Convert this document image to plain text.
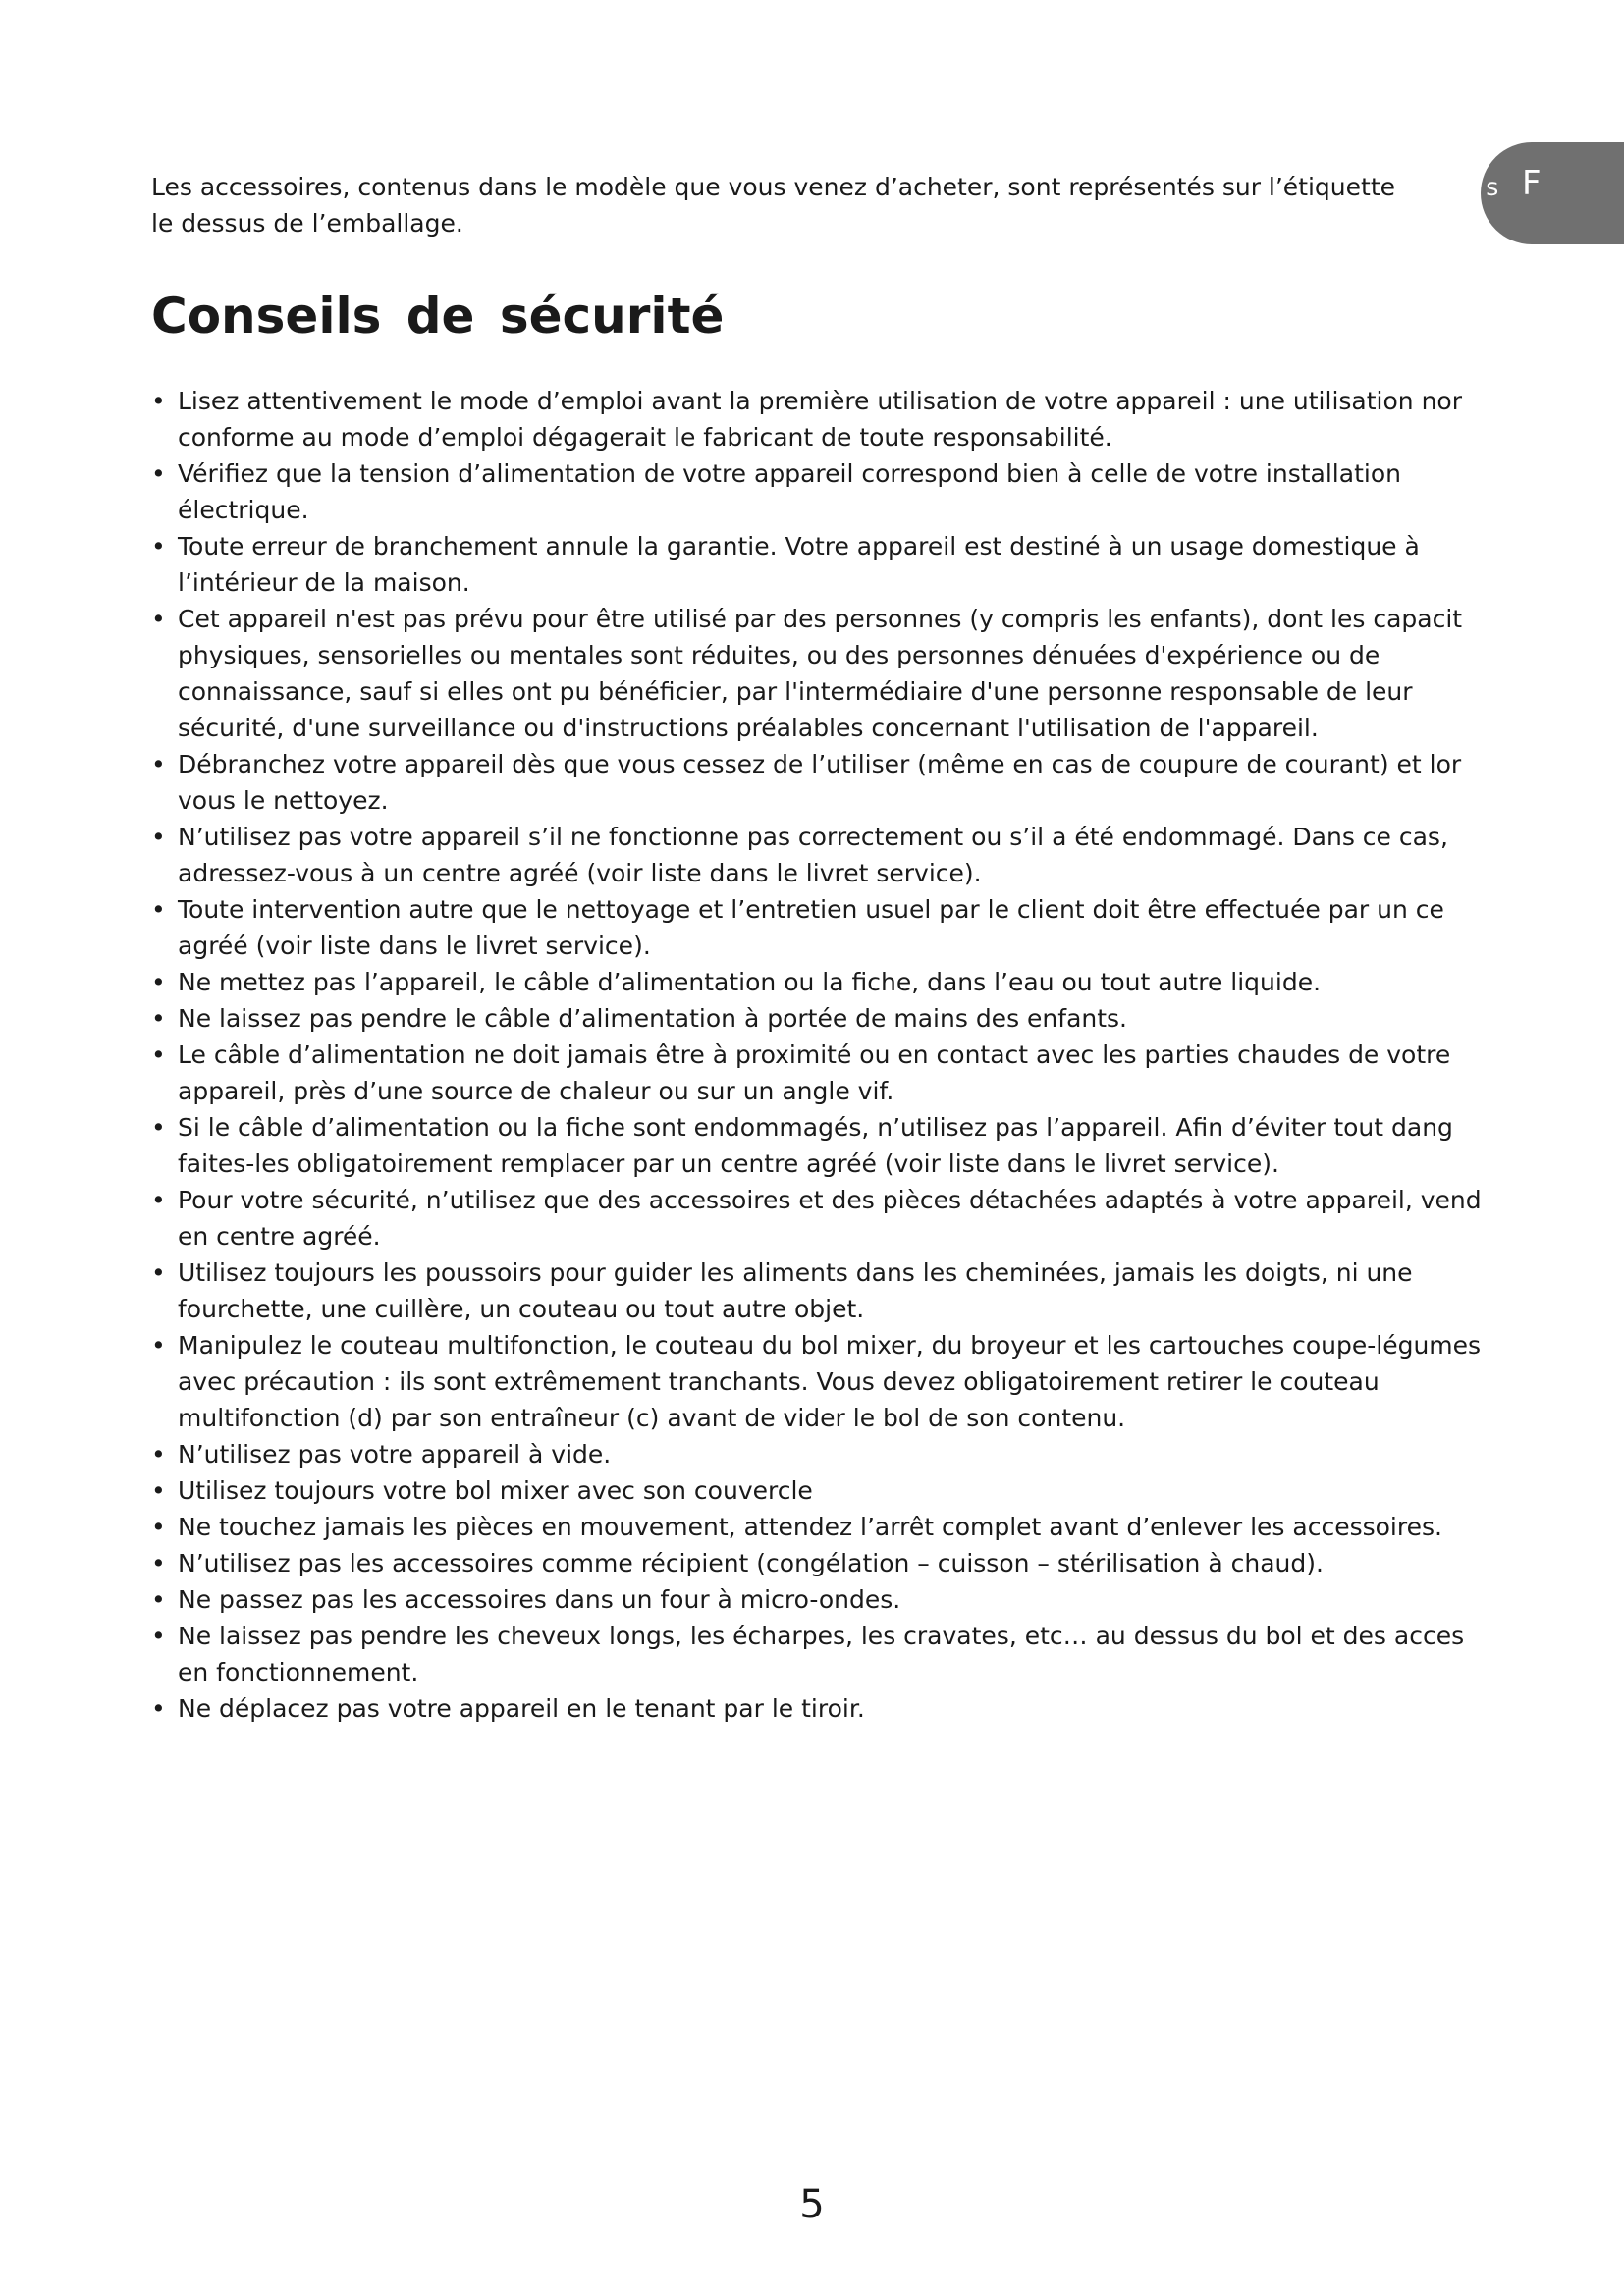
F

Les accessoires, contenus dans le modèle que vous venez d’acheter, sont représentés sur l’étiquette située s
le dessus de l’emballage.

Conseils de sécurité
• Lisez attentivement le mode d’emploi avant la première utilisation de votre appareil : une utilisation nor
conforme au mode d’emploi dégagerait le fabricant de toute responsabilité.
• Vérifiez que la tension d’alimentation de votre appareil correspond bien à celle de votre installation
électrique.
• Toute erreur de branchement annule la garantie. Votre appareil est destiné à un usage domestique à
l’intérieur de la maison.
• Cet appareil n'est pas prévu pour être utilisé par des personnes (y compris les enfants), dont les capacit
physiques, sensorielles ou mentales sont réduites, ou des personnes dénuées d'expérience ou de
connaissance, sauf si elles ont pu bénéficier, par l'intermédiaire d'une personne responsable de leur
sécurité, d'une surveillance ou d'instructions préalables concernant l'utilisation de l'appareil.
• Débranchez votre appareil dès que vous cessez de l’utiliser (même en cas de coupure de courant) et lor
vous le nettoyez.
• N’utilisez pas votre appareil s’il ne fonctionne pas correctement ou s’il a été endommagé. Dans ce cas,
adressez-vous à un centre agréé (voir liste dans le livret service).
• Toute intervention autre que le nettoyage et l’entretien usuel par le client doit être effectuée par un ce
agréé (voir liste dans le livret service).
• Ne mettez pas l’appareil, le câble d’alimentation ou la fiche, dans l’eau ou tout autre liquide.
• Ne laissez pas pendre le câble d’alimentation à portée de mains des enfants.
• Le câble d’alimentation ne doit jamais être à proximité ou en contact avec les parties chaudes de votre
appareil, près d’une source de chaleur ou sur un angle vif.
• Si le câble d’alimentation ou la fiche sont endommagés, n’utilisez pas l’appareil. Afin d’éviter tout dang
faites-les obligatoirement remplacer par un centre agréé (voir liste dans le livret service).
• Pour votre sécurité, n’utilisez que des accessoires et des pièces détachées adaptés à votre appareil, vend
en centre agréé.
• Utilisez toujours les poussoirs pour guider les aliments dans les cheminées, jamais les doigts, ni une
fourchette, une cuillère, un couteau ou tout autre objet.
• Manipulez le couteau multifonction, le couteau du bol mixer, du broyeur et les cartouches coupe-légumes
avec précaution : ils sont extrêmement tranchants. Vous devez obligatoirement retirer le couteau
multifonction (d) par son entraîneur (c) avant de vider le bol de son contenu.
• N’utilisez pas votre appareil à vide.
• Utilisez toujours votre bol mixer avec son couvercle
• Ne touchez jamais les pièces en mouvement, attendez l’arrêt complet avant d’enlever les accessoires.
• N’utilisez pas les accessoires comme récipient (congélation – cuisson – stérilisation à chaud).
• Ne passez pas les accessoires dans un four à micro-ondes.
• Ne laissez pas pendre les cheveux longs, les écharpes, les cravates, etc… au dessus du bol et des acces
en fonctionnement.
• Ne déplacez pas votre appareil en le tenant par le tiroir.
5
